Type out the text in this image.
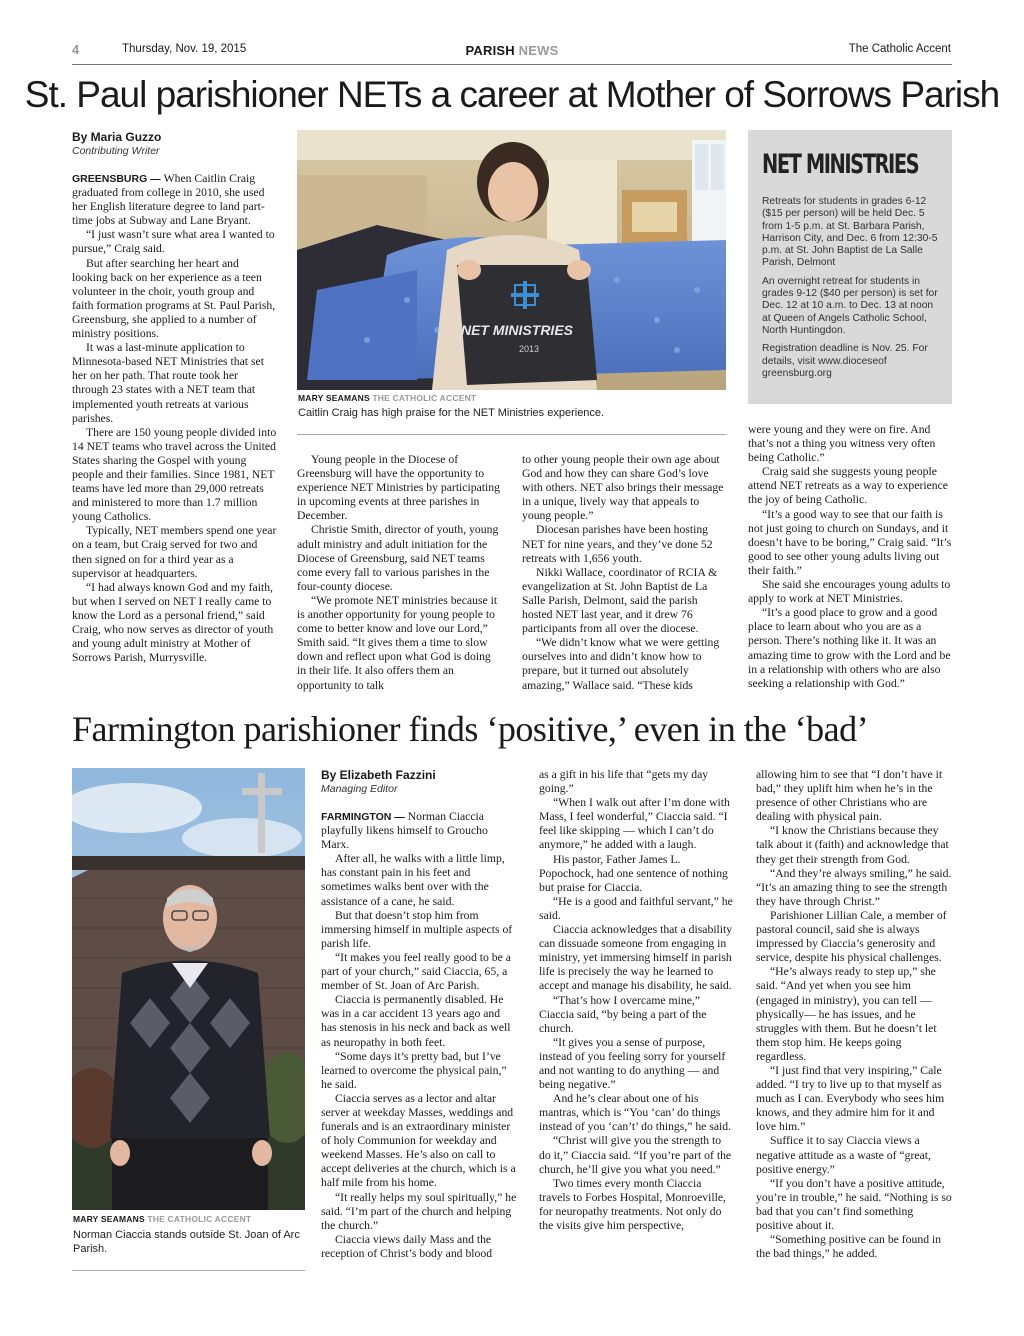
4	Thursday, Nov. 19, 2015	PARISH NEWS	The Catholic Accent
St. Paul parishioner NETs a career at Mother of Sorrows Parish
By Maria Guzzo
Contributing Writer

GREENSBURG — When Caitlin Craig graduated from college in 2010, she used her English literature degree to land part-time jobs at Subway and Lane Bryant.

“I just wasn’t sure what area I wanted to pursue,” Craig said.

But after searching her heart and looking back on her experience as a teen volunteer in the choir, youth group and faith formation programs at St. Paul Parish, Greensburg, she applied to a number of ministry positions.

It was a last-minute application to Minnesota-based NET Ministries that set her on her path. That route took her through 23 states with a NET team that implemented youth retreats at various parishes.

There are 150 young people divided into 14 NET teams who travel across the United States sharing the Gospel with young people and their families. Since 1981, NET teams have led more than 29,000 retreats and ministered to more than 1.7 million young Catholics.

Typically, NET members spend one year on a team, but Craig served for two and then signed on for a third year as a supervisor at headquarters.

“I had always known God and my faith, but when I served on NET I really came to know the Lord as a personal friend,” said Craig, who now serves as director of youth and young adult ministry at Mother of Sorrows Parish, Murrysville.

NET MINISTRIES
2013
MARY SEAMANS THE CATHOLIC ACCENT
Caitlin Craig has high praise for the NET Ministries experience.
NET MINISTRIES
Retreats for students in grades 6-12 ($15 per person) will be held Dec. 5 from 1-5 p.m. at St. Barbara Parish, Harrison City, and Dec. 6 from 12:30-5 p.m. at St. John Baptist de La Salle Parish, Delmont
An overnight retreat for students in grades 9-12 ($40 per person) is set for Dec. 12 at 10 a.m. to Dec. 13 at noon at Queen of Angels Catholic School, North Huntingdon.
Registration deadline is Nov. 25. For details, visit www.dioceseof greensburg.org

Young people in the Diocese of Greensburg will have the opportunity to experience NET Ministries by participating in upcoming events at three parishes in December.

Christie Smith, director of youth, young adult ministry and adult initiation for the Diocese of Greensburg, said NET teams come every fall to various parishes in the four-county diocese.

“We promote NET ministries because it is another opportunity for young people to come to better know and love our Lord,” Smith said. “It gives them a time to slow down and reflect upon what God is doing in their life. It also offers them an opportunity to talk

to other young people their own age about God and how they can share God’s love with others. NET also brings their message in a unique, lively way that appeals to young people.”

Diocesan parishes have been hosting NET for nine years, and they’ve done 52 retreats with 1,656 youth.

Nikki Wallace, coordinator of RCIA & evangelization at St. John Baptist de La Salle Parish, Delmont, said the parish hosted NET last year, and it drew 76 participants from all over the diocese.

“We didn’t know what we were getting ourselves into and didn’t know how to prepare, but it turned out absolutely amazing,” Wallace said. “These kids

were young and they were on fire. And that’s not a thing you witness very often being Catholic.”

Craig said she suggests young people attend NET retreats as a way to experience the joy of being Catholic.

“It’s a good way to see that our faith is not just going to church on Sundays, and it doesn’t have to be boring,” Craig said. “It’s good to see other young adults living out their faith.”

She said she encourages young adults to apply to work at NET Ministries.

“It’s a good place to grow and a good place to learn about who you are as a person. There’s nothing like it. It was an amazing time to grow with the Lord and be in a relationship with others who are also seeking a relationship with God.”

Farmington parishioner finds ‘positive,’ even in the ‘bad’
MARY SEAMANS THE CATHOLIC ACCENT
Norman Ciaccia stands outside St. Joan of Arc Parish.
By Elizabeth Fazzini
Managing Editor

FARMINGTON — Norman Ciaccia playfully likens himself to Groucho Marx.

After all, he walks with a little limp, has constant pain in his feet and sometimes walks bent over with the assistance of a cane, he said.

But that doesn’t stop him from immersing himself in multiple aspects of parish life.

“It makes you feel really good to be a part of your church,” said Ciaccia, 65, a member of St. Joan of Arc Parish.

Ciaccia is permanently disabled. He was in a car accident 13 years ago and has stenosis in his neck and back as well as neuropathy in both feet.

“Some days it’s pretty bad, but I’ve learned to overcome the physical pain,” he said.

Ciaccia serves as a lector and altar server at weekday Masses, weddings and funerals and is an extraordinary minister of holy Communion for weekday and weekend Masses. He’s also on call to accept deliveries at the church, which is a half mile from his home.

“It really helps my soul spiritually,” he said. “I’m part of the church and helping the church.”

Ciaccia views daily Mass and the reception of Christ’s body and blood

as a gift in his life that “gets my day going.”

“When I walk out after I’m done with Mass, I feel wonderful,” Ciaccia said. “I feel like skipping — which I can’t do anymore,” he added with a laugh.

His pastor, Father James L. Popochock, had one sentence of nothing but praise for Ciaccia.

“He is a good and faithful servant,” he said.

Ciaccia acknowledges that a disability can dissuade someone from engaging in ministry, yet immersing himself in parish life is precisely the way he learned to accept and manage his disability, he said.

“That’s how I overcame mine,” Ciaccia said, “by being a part of the church.

“It gives you a sense of purpose, instead of you feeling sorry for yourself and not wanting to do anything — and being negative.”

And he’s clear about one of his mantras, which is “You ‘can’ do things instead of you ‘can’t’ do things,” he said.

“Christ will give you the strength to do it,” Ciaccia said. “If you’re part of the church, he’ll give you what you need.”

Two times every month Ciaccia travels to Forbes Hospital, Monroeville, for neuropathy treatments. Not only do the visits give him perspective,

allowing him to see that “I don’t have it bad,” they uplift him when he’s in the presence of other Christians who are dealing with physical pain.

“I know the Christians because they talk about it (faith) and acknowledge that they get their strength from God.

“And they’re always smiling,” he said. “It’s an amazing thing to see the strength they have through Christ.”

Parishioner Lillian Cale, a member of pastoral council, said she is always impressed by Ciaccia’s generosity and service, despite his physical challenges.

“He’s always ready to step up,” she said. “And yet when you see him (engaged in ministry), you can tell — physically— he has issues, and he struggles with them. But he doesn’t let them stop him. He keeps going regardless.

“I just find that very inspiring,” Cale added. “I try to live up to that myself as much as I can. Everybody who sees him knows, and they admire him for it and love him.”

Suffice it to say Ciaccia views a negative attitude as a waste of “great, positive energy.”

“If you don’t have a positive attitude, you’re in trouble,” he said. “Nothing is so bad that you can’t find something positive about it.

“Something positive can be found in the bad things,” he added.
